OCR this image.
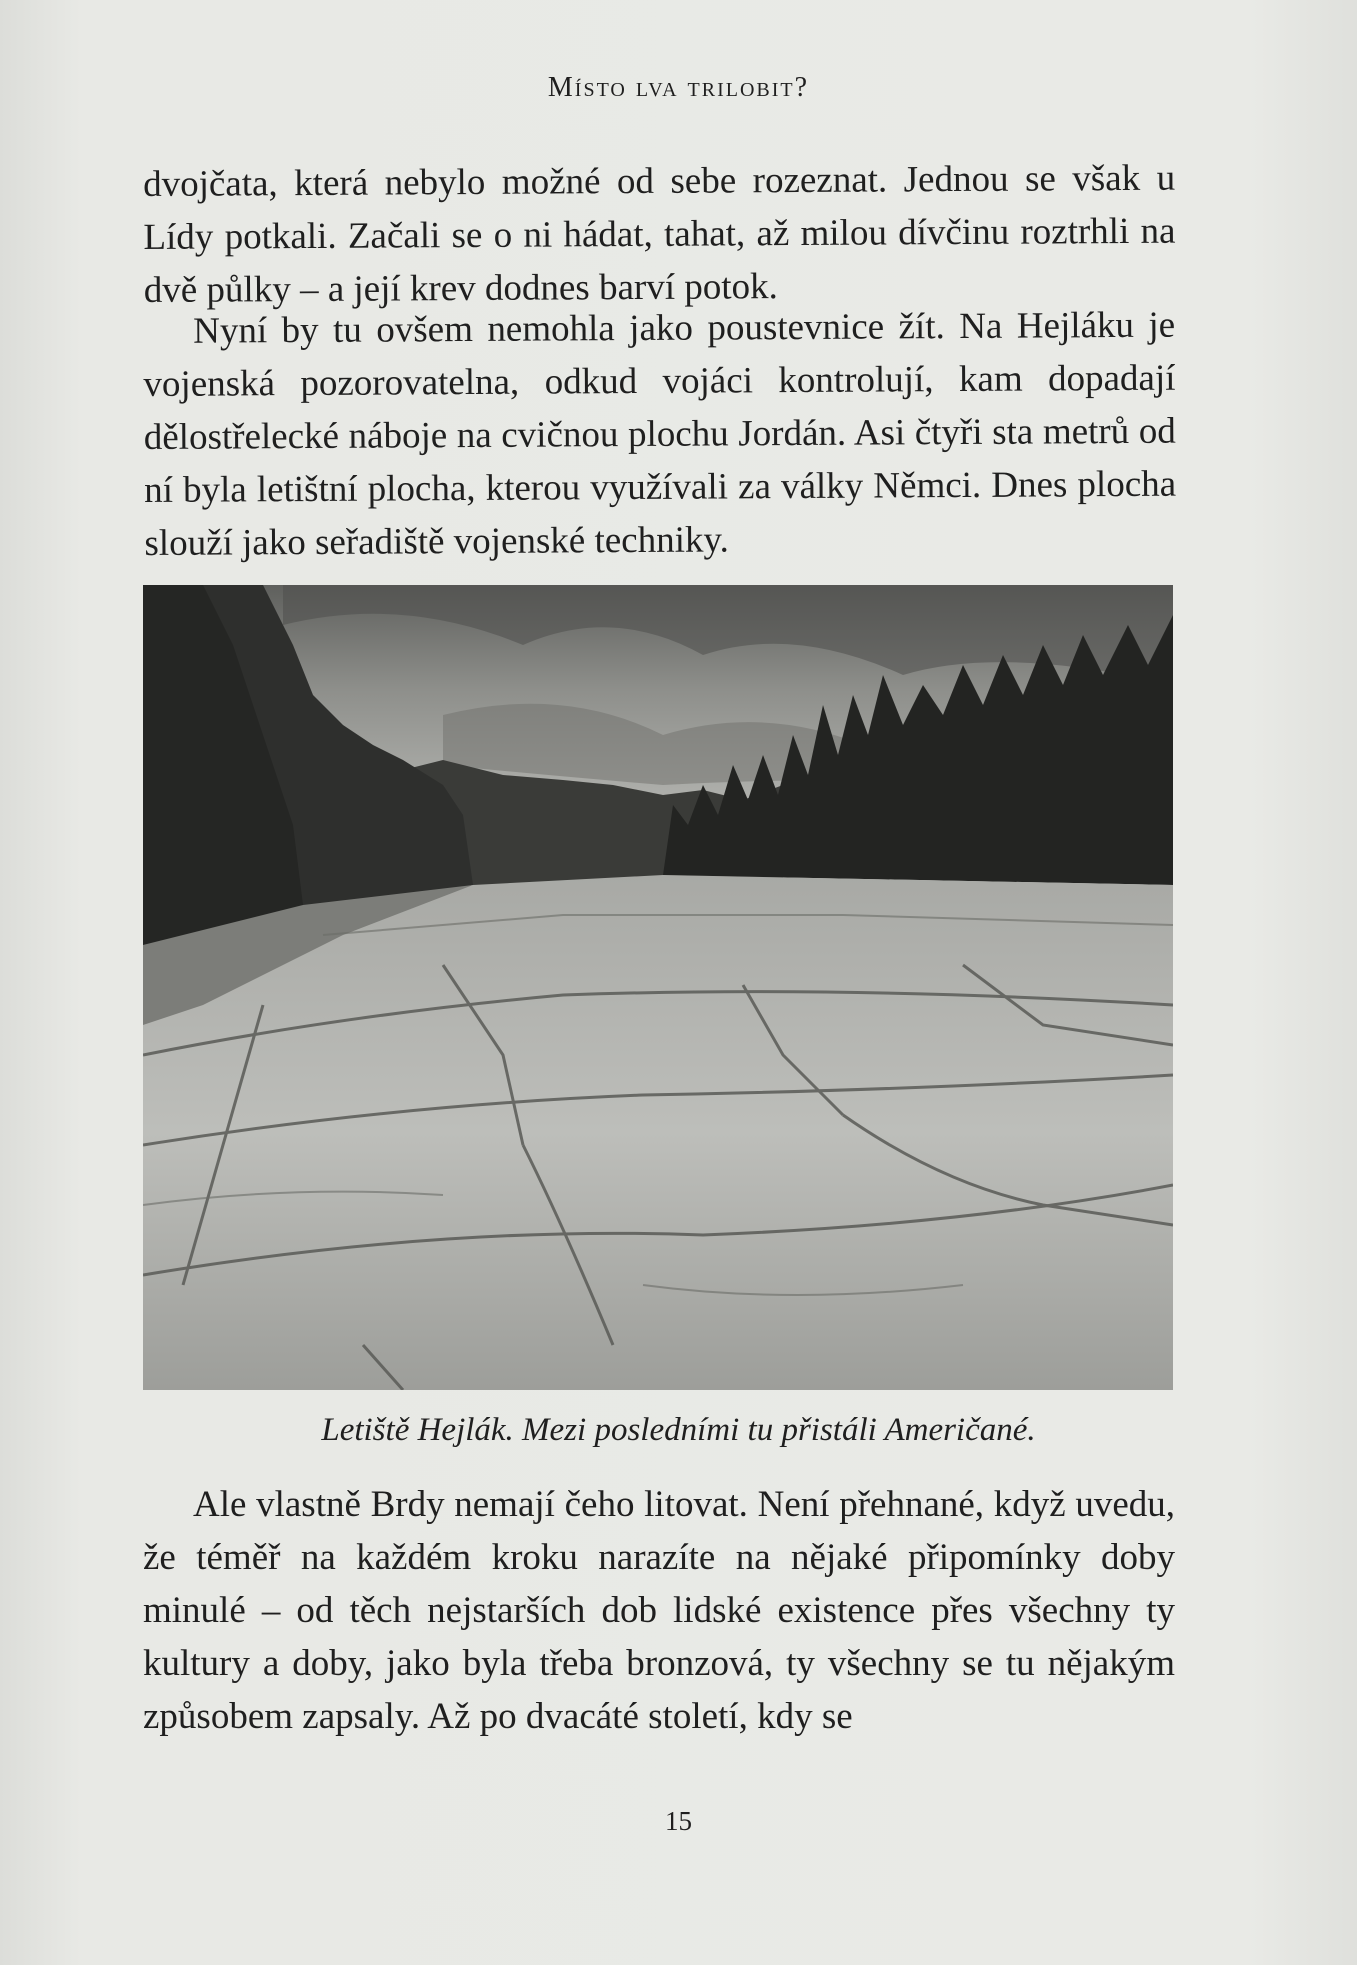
Místo lva trilobit?

dvojčata, která nebylo možné od sebe rozeznat. Jednou se však u Lídy potkali. Začali se o ni hádat, tahat, až milou dívčinu roztrhli na dvě půlky – a její krev dodnes barví potok.

Nyní by tu ovšem nemohla jako poustevnice žít. Na Hejláku je vojenská pozorovatelna, odkud vojáci kontrolují, kam dopadají dělostřelecké náboje na cvičnou plochu Jordán. Asi čtyři sta metrů od ní byla letištní plocha, kterou využívali za války Němci. Dnes plocha slouží jako seřadiště vojenské techniky.

Letiště Hejlák. Mezi posledními tu přistáli Američané.

Ale vlastně Brdy nemají čeho litovat. Není přehnané, když uvedu, že téměř na každém kroku narazíte na nějaké připomínky doby minulé – od těch nejstarších dob lidské existence přes všechny ty kultury a doby, jako byla třeba bronzová, ty všechny se tu nějakým způsobem zapsaly. Až po dvacáté století, kdy se

15
